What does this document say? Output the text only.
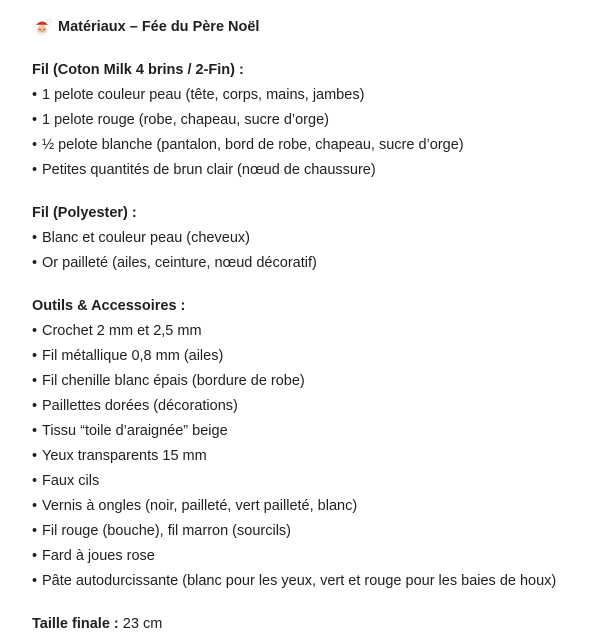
Matériaux – Fée du Père Noël
Fil (Coton Milk 4 brins / 2-Fin) :
• 1 pelote couleur peau (tête, corps, mains, jambes)
• 1 pelote rouge (robe, chapeau, sucre d’orge)
• ½ pelote blanche (pantalon, bord de robe, chapeau, sucre d’orge)
• Petites quantités de brun clair (nœud de chaussure)
Fil (Polyester) :
• Blanc et couleur peau (cheveux)
• Or pailleté (ailes, ceinture, nœud décoratif)
Outils & Accessoires :
• Crochet 2 mm et 2,5 mm
• Fil métallique 0,8 mm (ailes)
• Fil chenille blanc épais (bordure de robe)
• Paillettes dorées (décorations)
• Tissu “toile d’araignée” beige
• Yeux transparents 15 mm
• Faux cils
• Vernis à ongles (noir, pailleté, vert pailleté, blanc)
• Fil rouge (bouche), fil marron (sourcils)
• Fard à joues rose
• Pâte autodurcissante (blanc pour les yeux, vert et rouge pour les baies de houx)
Taille finale : 23 cm
